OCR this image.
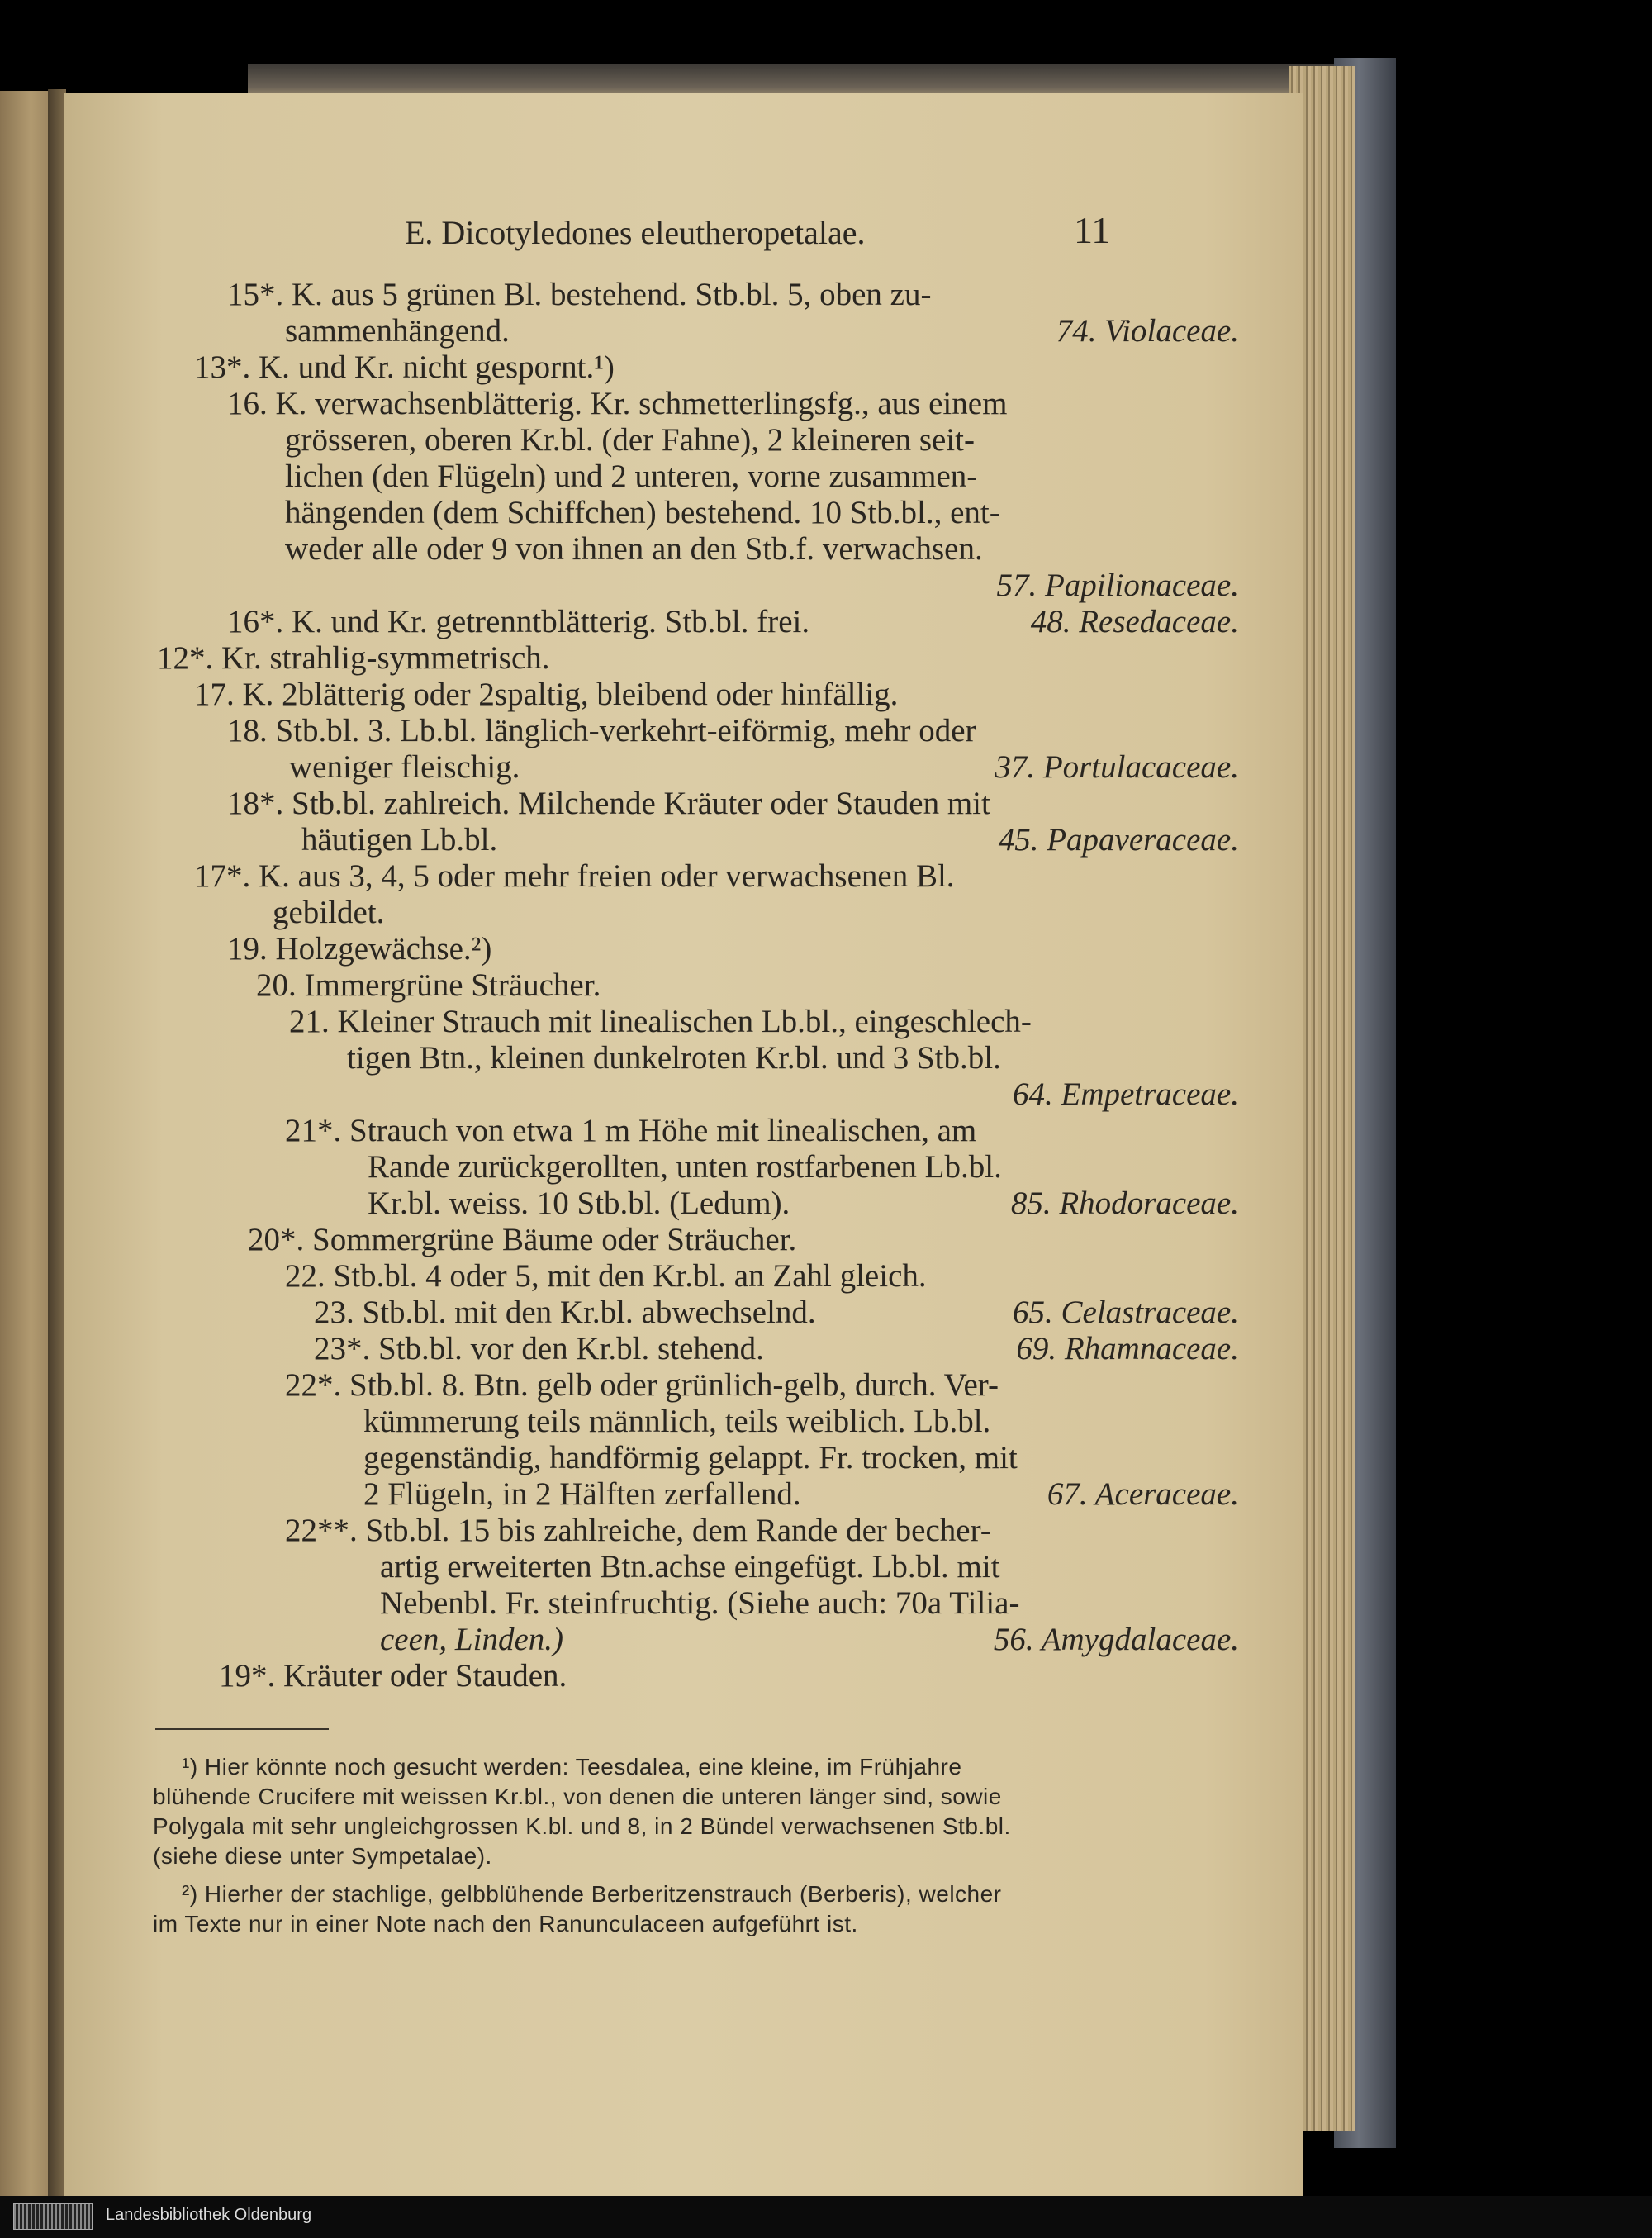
E. Dicotyledones eleutheropetalae.	11
15*. K. aus 5 grünen Bl. bestehend. Stb.bl. 5, oben zu-
sammenhängend.	74. Violaceae.
13*. K. und Kr. nicht gespornt.¹)
16. K. verwachsenblätterig. Kr. schmetterlingsfg., aus einem
grösseren, oberen Kr.bl. (der Fahne), 2 kleineren seit-
lichen (den Flügeln) und 2 unteren, vorne zusammen-
hängenden (dem Schiffchen) bestehend. 10 Stb.bl., ent-
weder alle oder 9 von ihnen an den Stb.f. verwachsen.
57. Papilionaceae.
16*. K. und Kr. getrenntblätterig. Stb.bl. frei.	48. Resedaceae.
12*. Kr. strahlig-symmetrisch.
17. K. 2blätterig oder 2spaltig, bleibend oder hinfällig.
18. Stb.bl. 3. Lb.bl. länglich-verkehrt-eiförmig, mehr oder
weniger fleischig.	37. Portulacaceae.
18*. Stb.bl. zahlreich. Milchende Kräuter oder Stauden mit
häutigen Lb.bl.	45. Papaveraceae.
17*. K. aus 3, 4, 5 oder mehr freien oder verwachsenen Bl.
gebildet.
19. Holzgewächse.²)
20. Immergrüne Sträucher.
21. Kleiner Strauch mit linealischen Lb.bl., eingeschlech-
tigen Btn., kleinen dunkelroten Kr.bl. und 3 Stb.bl.
64. Empetraceae.
21*. Strauch von etwa 1 m Höhe mit linealischen, am
Rande zurückgerollten, unten rostfarbenen Lb.bl.
Kr.bl. weiss. 10 Stb.bl. (Ledum).	85. Rhodoraceae.
20*. Sommergrüne Bäume oder Sträucher.
22. Stb.bl. 4 oder 5, mit den Kr.bl. an Zahl gleich.
23. Stb.bl. mit den Kr.bl. abwechselnd.	65. Celastraceae.
23*. Stb.bl. vor den Kr.bl. stehend.	69. Rhamnaceae.
22*. Stb.bl. 8. Btn. gelb oder grünlich-gelb, durch. Ver-
kümmerung teils männlich, teils weiblich. Lb.bl.
gegenständig, handförmig gelappt. Fr. trocken, mit
2 Flügeln, in 2 Hälften zerfallend.	67. Aceraceae.
22**. Stb.bl. 15 bis zahlreiche, dem Rande der becher-
artig erweiterten Btn.achse eingefügt. Lb.bl. mit
Nebenbl. Fr. steinfruchtig. (Siehe auch: 70a Tilia-
ceen, Linden.)	56. Amygdalaceae.
19*. Kräuter oder Stauden.
¹) Hier könnte noch gesucht werden: Teesdalea, eine kleine, im Frühjahre
blühende Crucifere mit weissen Kr.bl., von denen die unteren länger sind, sowie
Polygala mit sehr ungleichgrossen K.bl. und 8, in 2 Bündel verwachsenen Stb.bl.
(siehe diese unter Sympetalae).
²) Hierher der stachlige, gelbblühende Berberitzenstrauch (Berberis), welcher
im Texte nur in einer Note nach den Ranunculaceen aufgeführt ist.
Landesbibliothek Oldenburg
